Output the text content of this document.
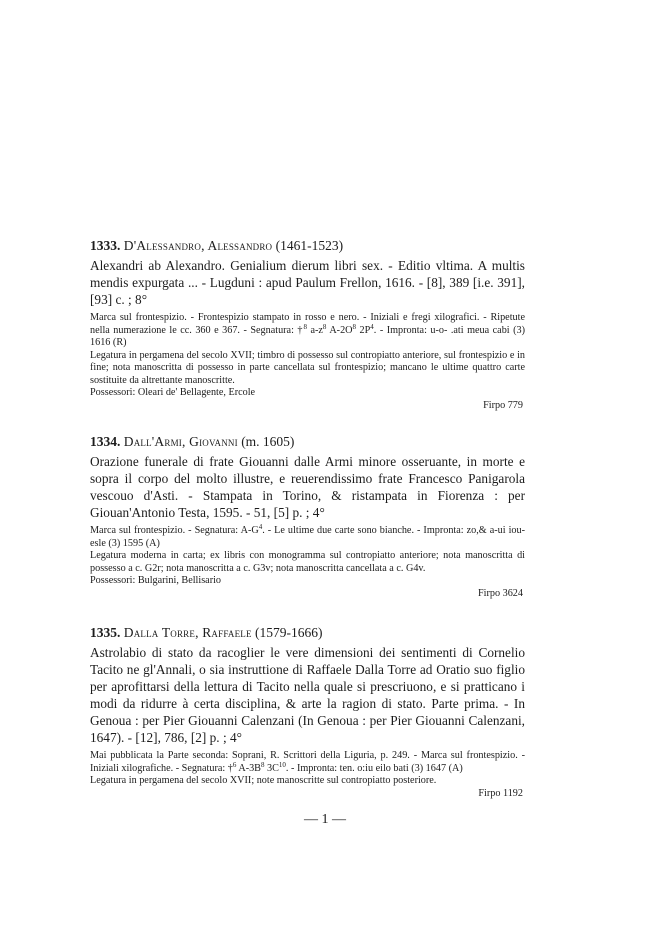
1333. D'Alessandro, Alessandro (1461-1523)
Alexandri ab Alexandro. Genialium dierum libri sex. - Editio vltima. A multis mendis expurgata ... - Lugduni : apud Paulum Frellon, 1616. - [8], 389 [i.e. 391], [93] c. ; 8°

Marca sul frontespizio. - Frontespizio stampato in rosso e nero. - Iniziali e fregi xilografici. - Ripetute nella numerazione le cc. 360 e 367. - Segnatura: †$^8$ $a-z^8$ $A-2O^8$ $2P^4$. - Impronta: u-o- .ati meua cabi (3) 1616 (R)

Legatura in pergamena del secolo XVII; timbro di possesso sul contropiatto anteriore, sul frontespizio e in fine; nota manoscritta di possesso in parte cancellata sul frontespizio; mancano le ultime quattro carte sostituite da altrettante manoscritte.

Possessori: Oleari de' Bellagente, Ercole

Firpo 779

1334. Dall'Armi, Giovanni (m. 1605)
Orazione funerale di frate Giouanni dalle Armi minore osseruante, in morte e sopra il corpo del molto illustre, e reuerendissimo frate Francesco Panigarola vescouo d'Asti. - Stampata in Torino, & ristampata in Fiorenza : per Giouan'Antonio Testa, 1595. - 51, [5] p. ; 4°

Marca sul frontespizio. - Segnatura: $A-G^4$. - Le ultime due carte sono bianche. - Impronta: zo,& a-ui iou- esle (3) 1595 (A)

Legatura moderna in carta; ex libris con monogramma sul contropiatto anteriore; nota manoscritta di possesso a c. G2r; nota manoscritta a c. G3v; nota manoscritta cancellata a c. G4v.

Possessori: Bulgarini, Bellisario

Firpo 3624

1335. Dalla Torre, Raffaele (1579-1666)
Astrolabio di stato da racoglier le vere dimensioni dei sentimenti di Cornelio Tacito ne gl'Annali, o sia instruttione di Raffaele Dalla Torre ad Oratio suo figlio per aprofittarsi della lettura di Tacito nella quale si prescriuono, e si pratticano i modi da ridurre à certa disciplina, & arte la ragion di stato. Parte prima. - In Genoua : per Pier Giouanni Calenzani (In Genoua : per Pier Giouanni Calenzani, 1647). - [12], 786, [2] p. ; 4°

Mai pubblicata la Parte seconda: Soprani, R. Scrittori della Liguria, p. 249. - Marca sul frontespizio. - Iniziali xilografiche. - Segnatura: †$^6$ $A-3B^8$ $3C^{10}$. - Impronta: ten. o:iu eilo bati (3) 1647 (A)

Legatura in pergamena del secolo XVII; note manoscritte sul contropiatto posteriore.

Firpo 1192

— 1 —
